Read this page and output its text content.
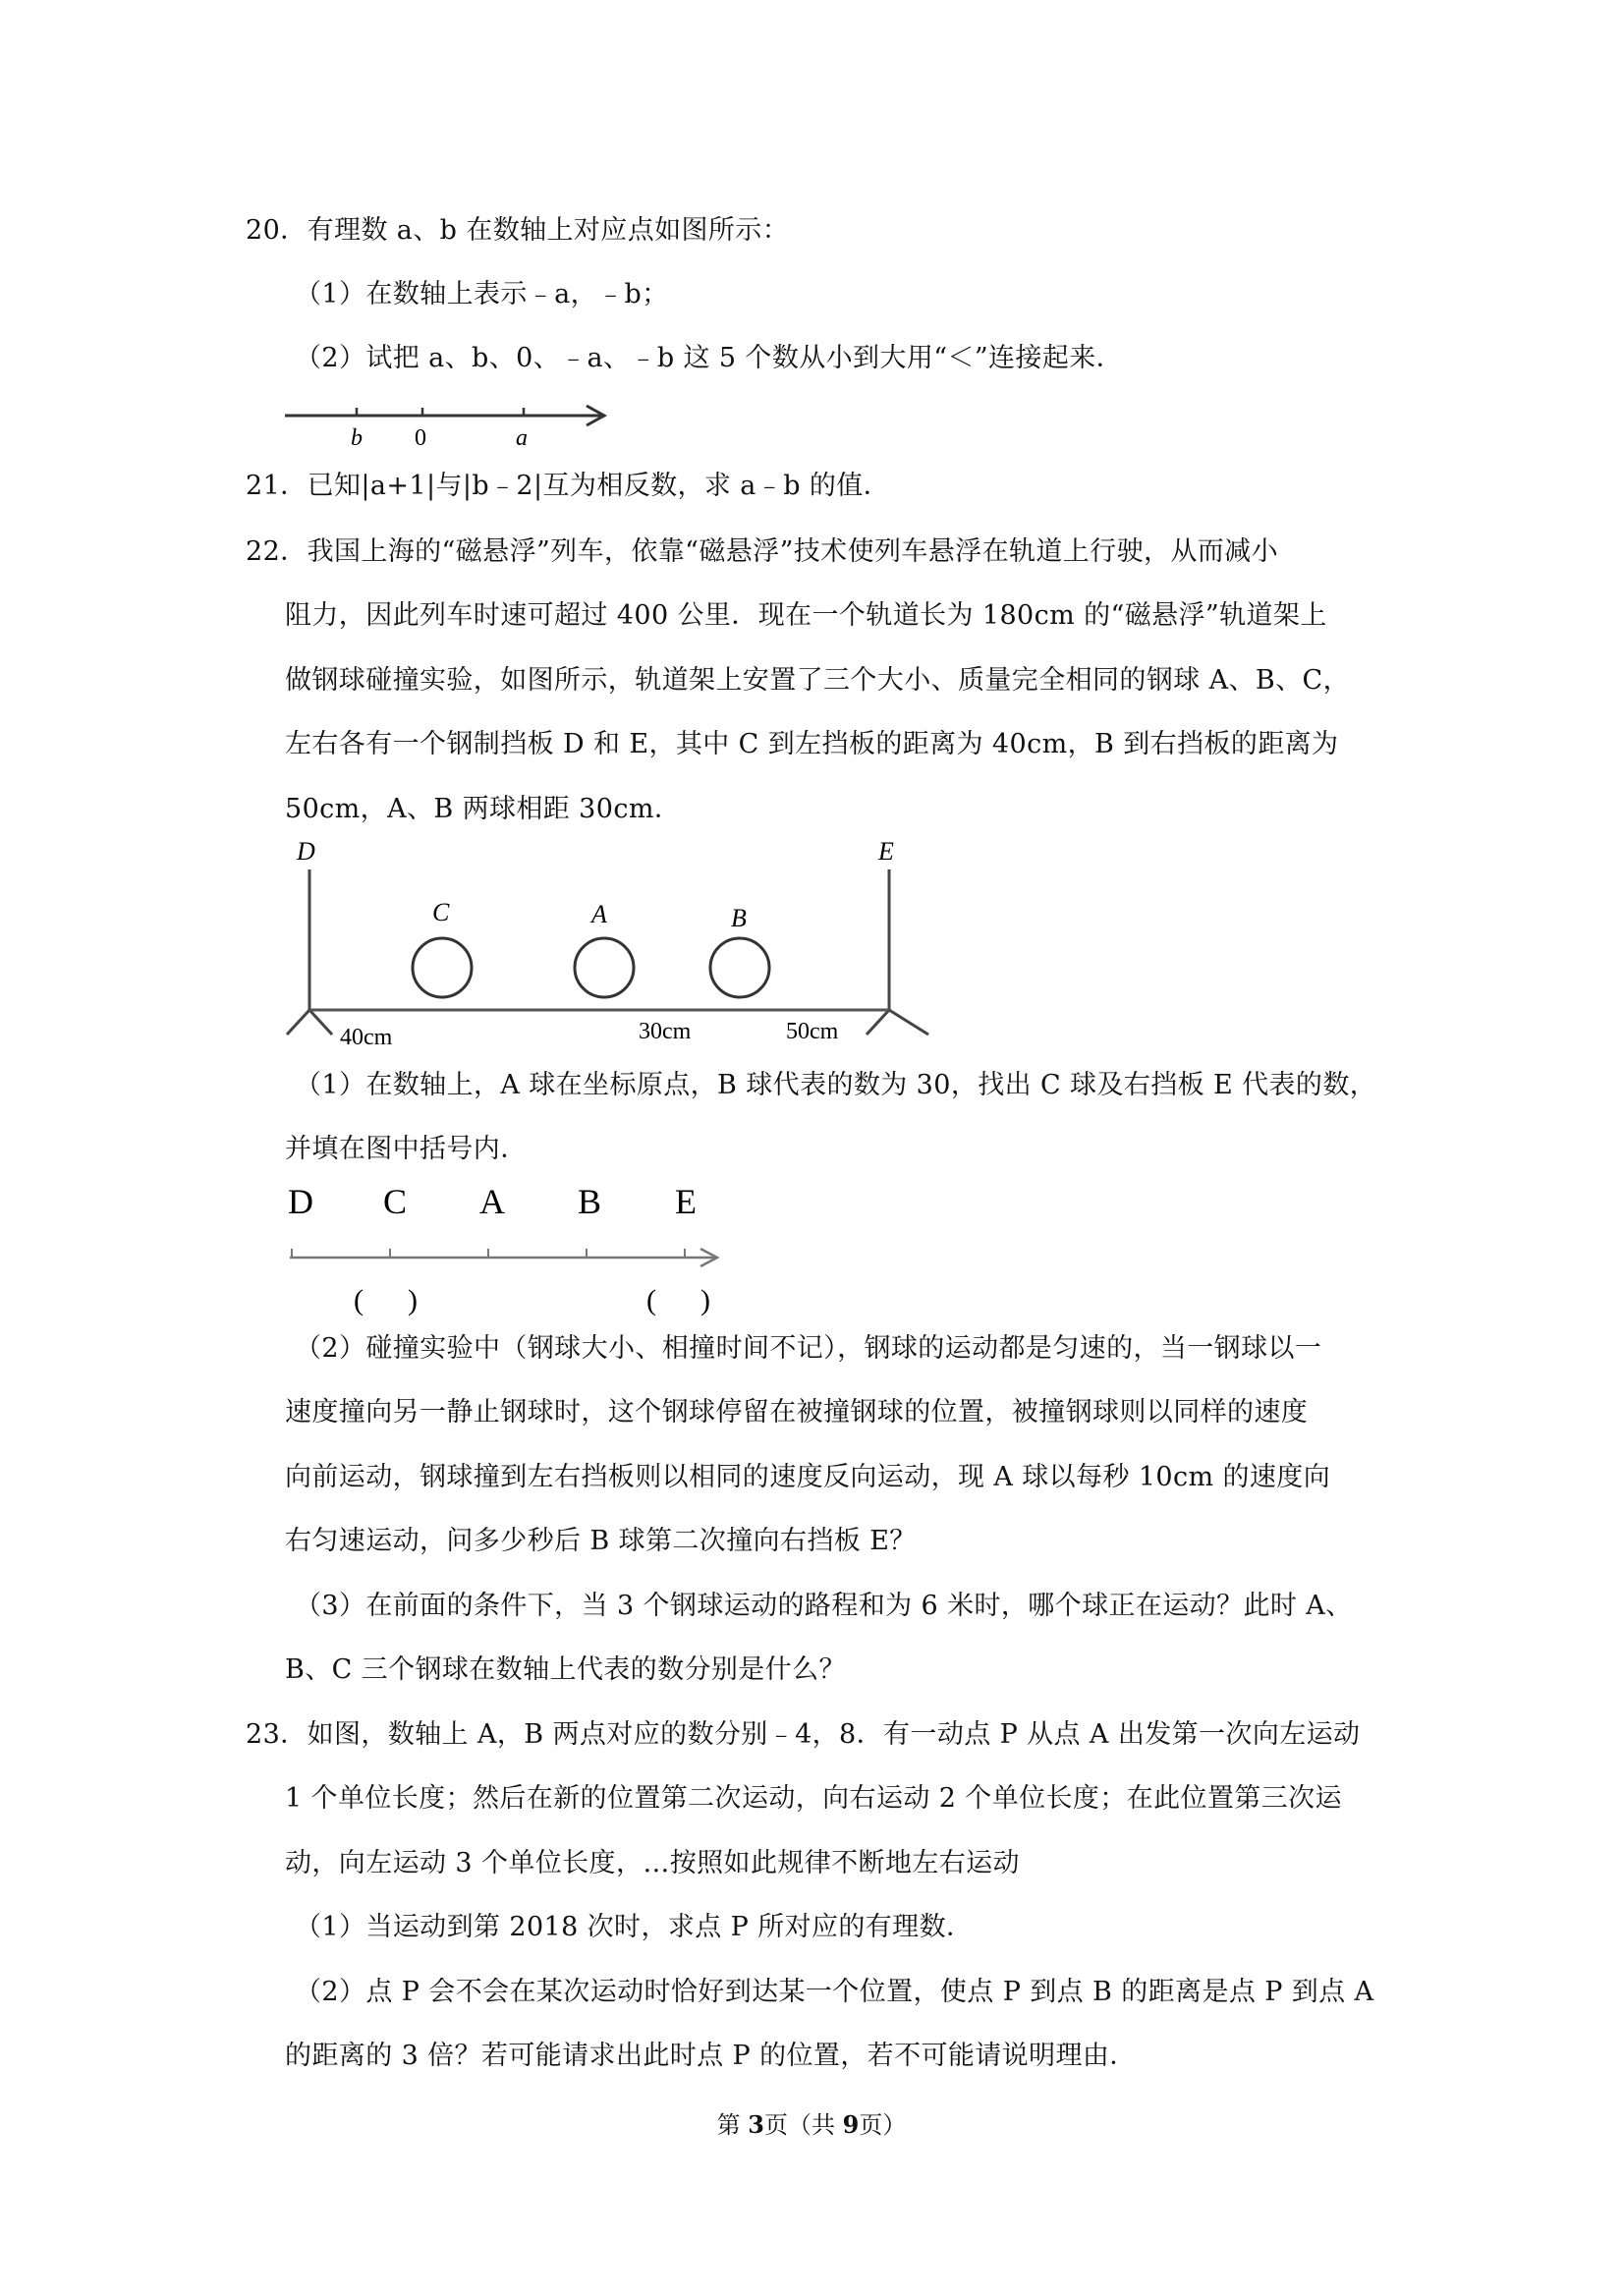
20．有理数 a、b 在数轴上对应点如图所示：
（1）在数轴上表示﹣a，﹣b；
（2）试把 a、b、0、﹣a、﹣b 这 5 个数从小到大用“＜”连接起来．
b 0	a
21．已知|a+1|与|b﹣2|互为相反数，求 a﹣b 的值．
22．我国上海的“磁悬浮”列车，依靠“磁悬浮”技术使列车悬浮在轨道上行驶，从而减小
阻力，因此列车时速可超过 400 公里．现在一个轨道长为 180cm 的“磁悬浮”轨道架上
做钢球碰撞实验，如图所示，轨道架上安置了三个大小、质量完全相同的钢球 A、B、C，
左右各有一个钢制挡板 D 和 E，其中 C 到左挡板的距离为 40cm，B 到右挡板的距离为
50cm，A、B 两球相距 30cm．
D	E
C	A	B
40cm	30cm	50cm
（1）在数轴上，A 球在坐标原点，B 球代表的数为 30，找出 C 球及右挡板 E 代表的数，
并填在图中括号内．
D C A B E
(      )	(      )
（2）碰撞实验中（钢球大小、相撞时间不记），钢球的运动都是匀速的，当一钢球以一
速度撞向另一静止钢球时，这个钢球停留在被撞钢球的位置，被撞钢球则以同样的速度
向前运动，钢球撞到左右挡板则以相同的速度反向运动，现 A 球以每秒 10cm 的速度向
右匀速运动，问多少秒后 B 球第二次撞向右挡板 E？
（3）在前面的条件下，当 3 个钢球运动的路程和为 6 米时，哪个球正在运动？此时 A、
B、C 三个钢球在数轴上代表的数分别是什么？
23．如图，数轴上 A，B 两点对应的数分别﹣4，8．有一动点 P 从点 A 出发第一次向左运动
1 个单位长度；然后在新的位置第二次运动，向右运动 2 个单位长度；在此位置第三次运
动，向左运动 3 个单位长度，…按照如此规律不断地左右运动
（1）当运动到第 2018 次时，求点 P 所对应的有理数．
（2）点 P 会不会在某次运动时恰好到达某一个位置，使点 P 到点 B 的距离是点 P 到点 A
的距离的 3 倍？若可能请求出此时点 P 的位置，若不可能请说明理由．
第 3页（共 9页）
